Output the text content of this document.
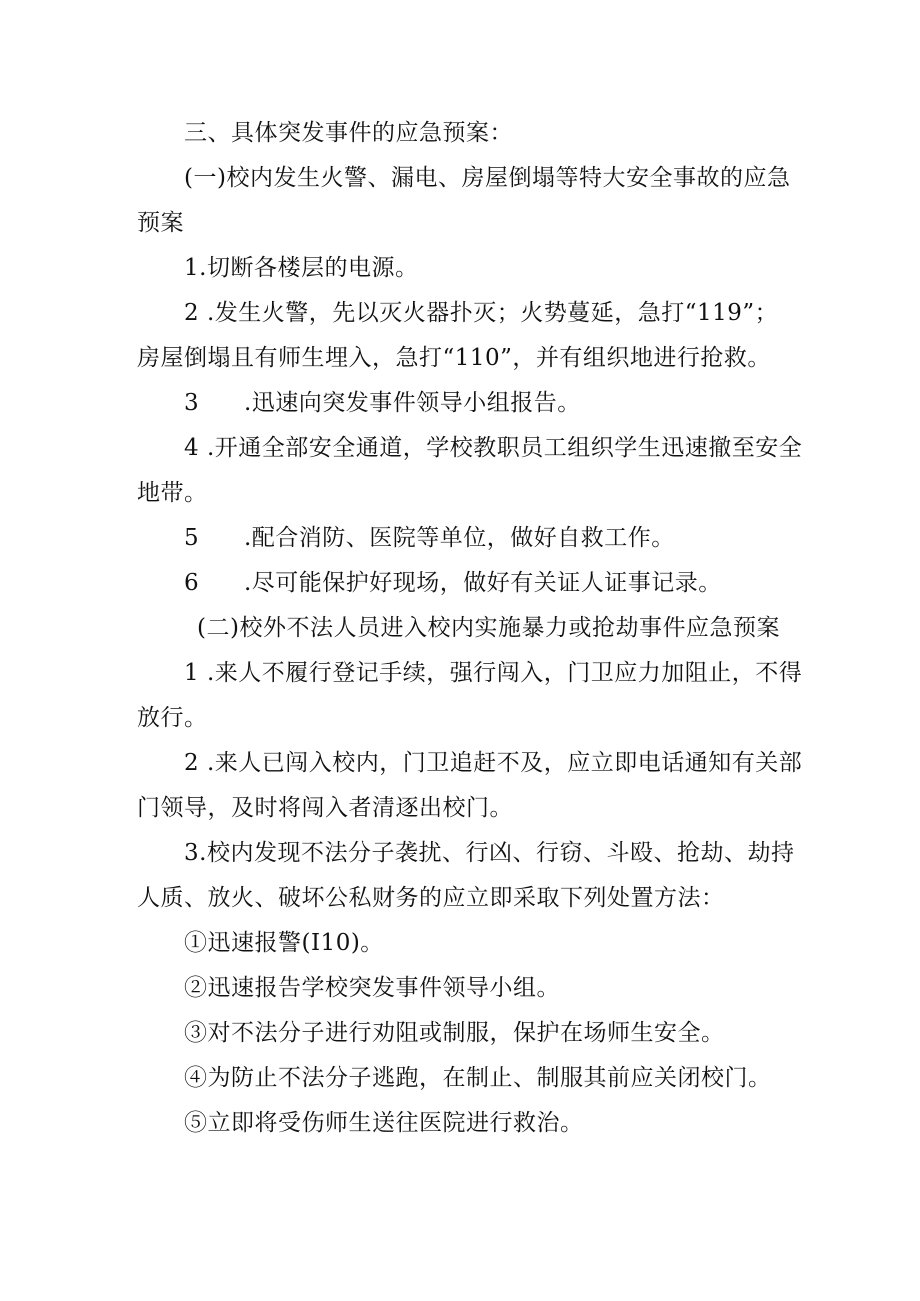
三、具体突发事件的应急预案：
(一)校内发生火警、漏电、房屋倒塌等特大安全事故的应急
预案
1.切断各楼层的电源。
2 .发生火警，先以灭火器扑灭；火势蔓延，急打“119”；
房屋倒塌且有师生埋入，急打“110”，并有组织地进行抢救。
3 .迅速向突发事件领导小组报告。
4 .开通全部安全通道，学校教职员工组织学生迅速撤至安全
地带。
5 .配合消防、医院等单位，做好自救工作。
6 .尽可能保护好现场，做好有关证人证事记录。
(二)校外不法人员进入校内实施暴力或抢劫事件应急预案
1 .来人不履行登记手续，强行闯入，门卫应力加阻止，不得
放行。
2 .来人已闯入校内，门卫追赶不及，应立即电话通知有关部
门领导，及时将闯入者清逐出校门。
3.校内发现不法分子袭扰、行凶、行窃、斗殴、抢劫、劫持
人质、放火、破坏公私财务的应立即采取下列处置方法：
①迅速报警(I10)。
②迅速报告学校突发事件领导小组。
③对不法分子进行劝阻或制服，保护在场师生安全。
④为防止不法分子逃跑，在制止、制服其前应关闭校门。
⑤立即将受伤师生送往医院进行救治。
